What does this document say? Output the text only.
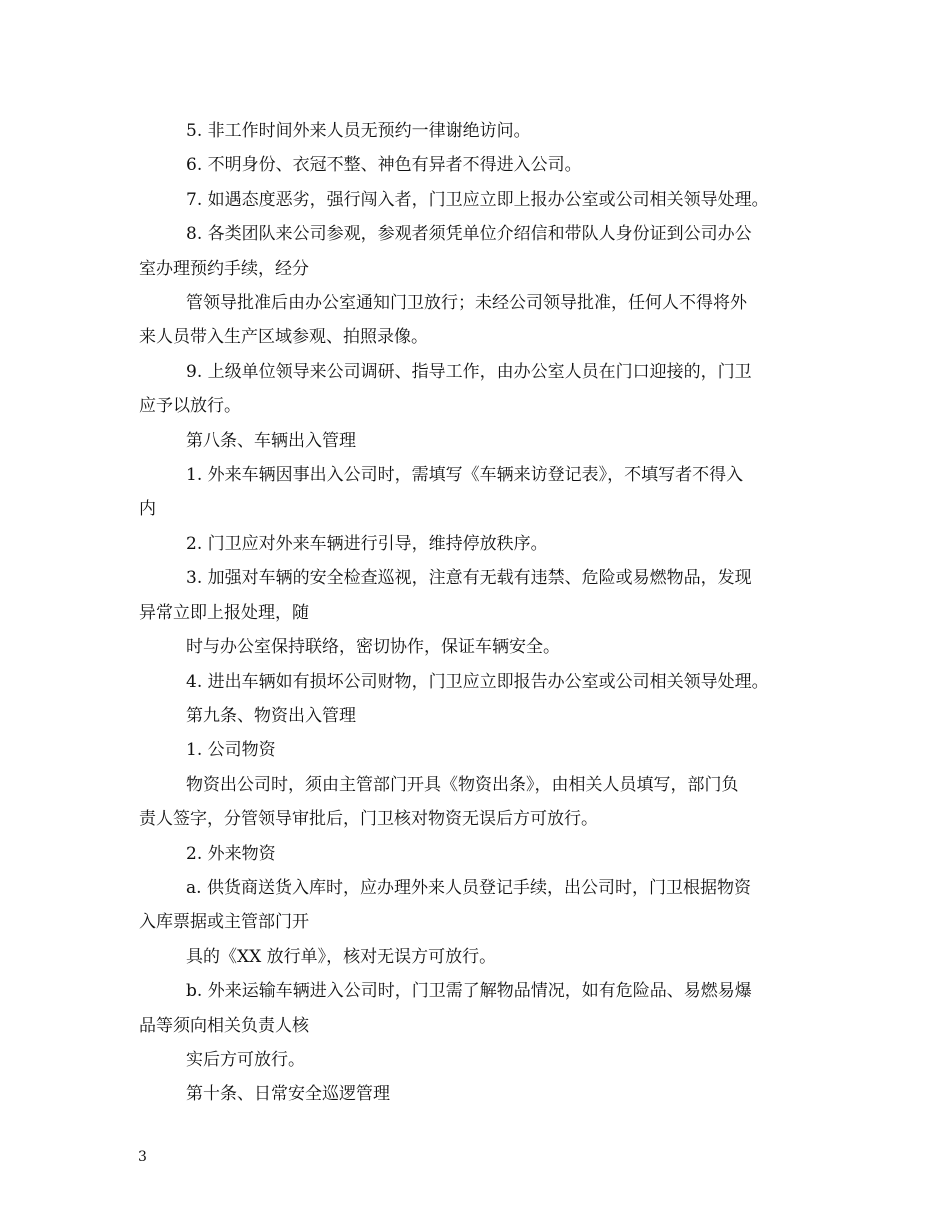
5. 非工作时间外来人员无预约一律谢绝访问。

6. 不明身份、衣冠不整、神色有异者不得进入公司。

7. 如遇态度恶劣，强行闯入者，门卫应立即上报办公室或公司相关领导处理。

8. 各类团队来公司参观，参观者须凭单位介绍信和带队人身份证到公司办公
室办理预约手续，经分

管领导批准后由办公室通知门卫放行；未经公司领导批准，任何人不得将外
来人员带入生产区域参观、拍照录像。

9. 上级单位领导来公司调研、指导工作，由办公室人员在门口迎接的，门卫
应予以放行。

第八条、车辆出入管理

1. 外来车辆因事出入公司时，需填写《车辆来访登记表》，不填写者不得入
内

2. 门卫应对外来车辆进行引导，维持停放秩序。

3. 加强对车辆的安全检查巡视，注意有无载有违禁、危险或易燃物品，发现
异常立即上报处理，随

时与办公室保持联络，密切协作，保证车辆安全。

4. 进出车辆如有损坏公司财物，门卫应立即报告办公室或公司相关领导处理。

第九条、物资出入管理

1. 公司物资

物资出公司时，须由主管部门开具《物资出条》，由相关人员填写，部门负
责人签字，分管领导审批后，门卫核对物资无误后方可放行。

2. 外来物资

a. 供货商送货入库时，应办理外来人员登记手续，出公司时，门卫根据物资
入库票据或主管部门开

具的《XX 放行单》，核对无误方可放行。

b. 外来运输车辆进入公司时，门卫需了解物品情况，如有危险品、易燃易爆
品等须向相关负责人核

实后方可放行。

第十条、日常安全巡逻管理

3
